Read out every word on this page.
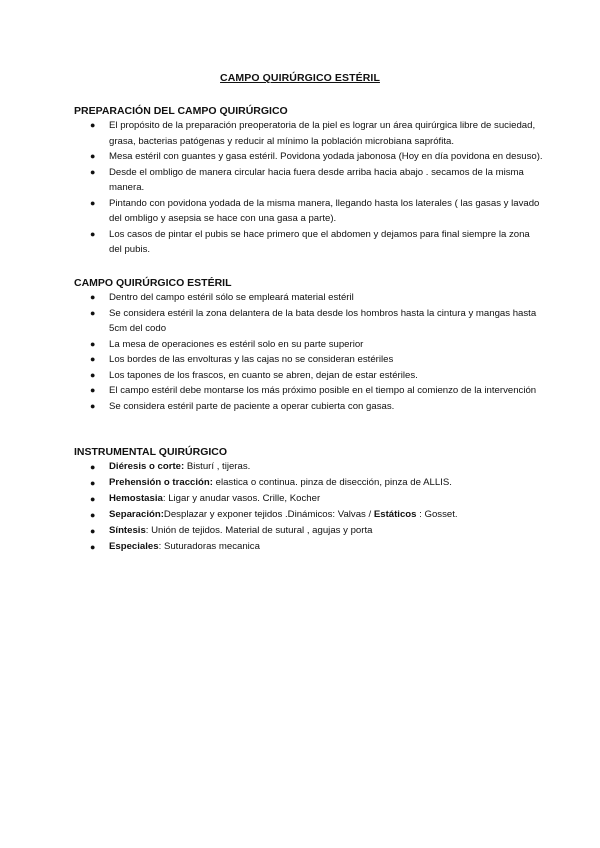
CAMPO QUIRÚRGICO ESTÉRIL

PREPARACIÓN DEL CAMPO QUIRÚRGICO

● El propósito de la preparación preoperatoria de la piel es lograr un área quirúrgica libre de suciedad, grasa, bacterias patógenas y reducir al mínimo la población microbiana saprófita.
● Mesa estéril con guantes y gasa estéril. Povidona yodada jabonosa (Hoy en día povidona en desuso).
● Desde el ombligo de manera circular hacia fuera desde arriba hacia abajo . secamos de la misma manera.
● Pintando con povidona yodada de la misma manera, llegando hasta los laterales ( las gasas y lavado del ombligo y asepsia se hace con una gasa a parte).
● Los casos de pintar el pubis se hace primero que el abdomen y dejamos para final siempre la zona del pubis.

CAMPO QUIRÚRGICO ESTÉRIL

● Dentro del campo estéril sólo se empleará material estéril
● Se considera estéril la zona delantera de la bata desde los hombros hasta la cintura y mangas hasta 5cm del codo
● La mesa de operaciones es estéril solo en su parte superior
● Los bordes de las envolturas y las cajas no se consideran estériles
● Los tapones de los frascos, en cuanto se abren, dejan de estar estériles.
● El campo estéril debe montarse los más próximo posible en el tiempo al comienzo de la intervención
● Se considera estéril parte de paciente a operar cubierta con gasas.

INSTRUMENTAL QUIRÚRGICO

● Diéresis o corte: Bisturí , tijeras.
● Prehensión o tracción: elastica o continua. pinza de disección, pinza de ALLIS.
● Hemostasia: Ligar y anudar vasos. Crille, Kocher
● Separación:Desplazar y exponer tejidos .Dinámicos: Valvas / Estáticos : Gosset.
● Síntesis: Unión de tejidos. Material de sutural , agujas y porta
● Especiales: Suturadoras mecanica
